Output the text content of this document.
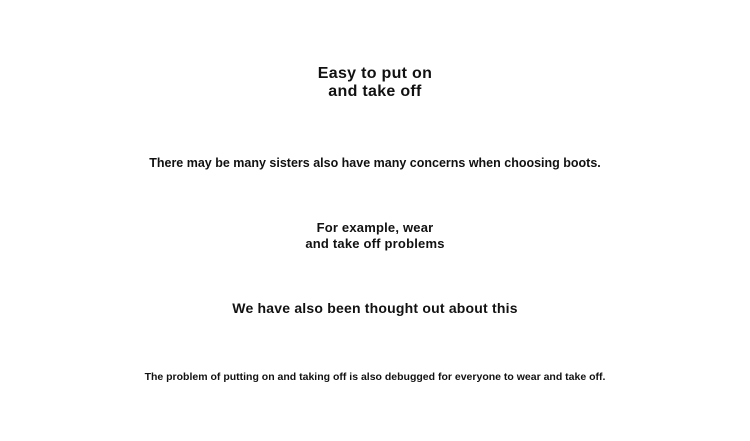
Easy to put on
and take off
There may be many sisters also have many concerns when choosing boots.
For example, wear
and take off problems
We have also been thought out about this
The problem of putting on and taking off is also debugged for everyone to wear and take off.
